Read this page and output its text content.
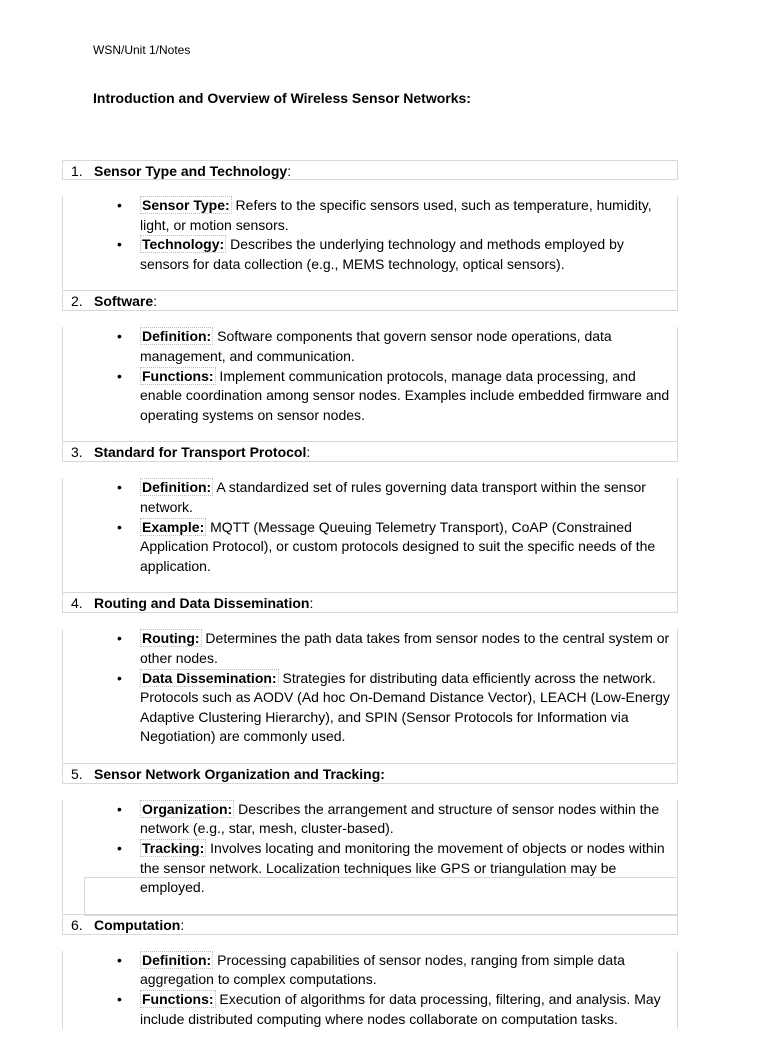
WSN/Unit 1/Notes
Introduction and Overview of Wireless Sensor Networks:
1. Sensor Type and Technology:
• Sensor Type: Refers to the specific sensors used, such as temperature, humidity, light, or motion sensors.
• Technology: Describes the underlying technology and methods employed by sensors for data collection (e.g., MEMS technology, optical sensors).
2. Software:
• Definition: Software components that govern sensor node operations, data management, and communication.
• Functions: Implement communication protocols, manage data processing, and enable coordination among sensor nodes. Examples include embedded firmware and operating systems on sensor nodes.
3. Standard for Transport Protocol:
• Definition: A standardized set of rules governing data transport within the sensor network.
• Example: MQTT (Message Queuing Telemetry Transport), CoAP (Constrained Application Protocol), or custom protocols designed to suit the specific needs of the application.
4. Routing and Data Dissemination:
• Routing: Determines the path data takes from sensor nodes to the central system or other nodes.
• Data Dissemination: Strategies for distributing data efficiently across the network. Protocols such as AODV (Ad hoc On-Demand Distance Vector), LEACH (Low-Energy Adaptive Clustering Hierarchy), and SPIN (Sensor Protocols for Information via Negotiation) are commonly used.
5. Sensor Network Organization and Tracking:
• Organization: Describes the arrangement and structure of sensor nodes within the network (e.g., star, mesh, cluster-based).
• Tracking: Involves locating and monitoring the movement of objects or nodes within the sensor network. Localization techniques like GPS or triangulation may be employed.
6. Computation:
• Definition: Processing capabilities of sensor nodes, ranging from simple data aggregation to complex computations.
• Functions: Execution of algorithms for data processing, filtering, and analysis. May include distributed computing where nodes collaborate on computation tasks.
